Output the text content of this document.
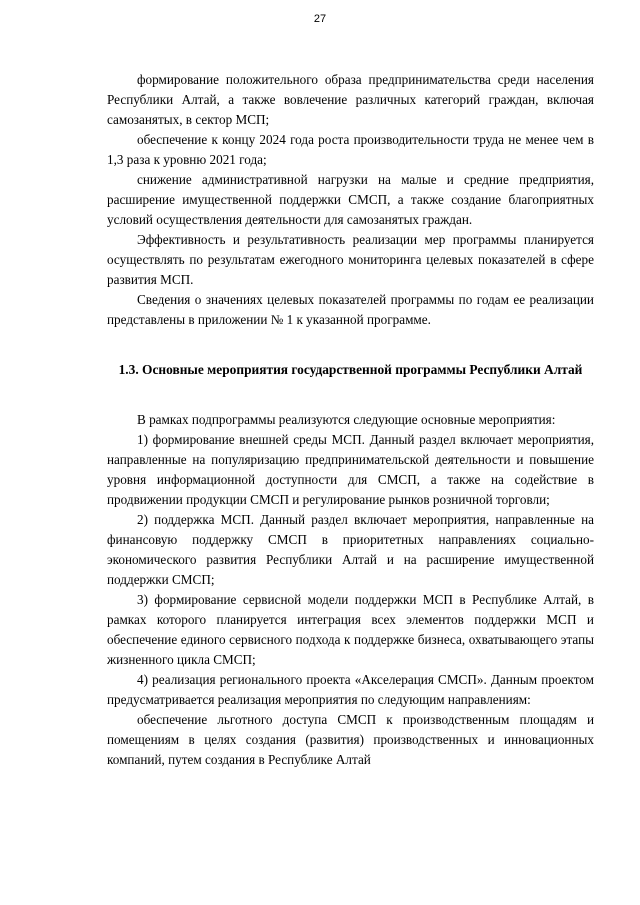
27

формирование положительного образа предпринимательства среди населения Республики Алтай, а также вовлечение различных категорий граждан, включая самозанятых, в сектор МСП;

обеспечение к концу 2024 года роста производительности труда не менее чем в 1,3 раза к уровню 2021 года;

снижение административной нагрузки на малые и средние предприятия, расширение имущественной поддержки СМСП, а также создание благоприятных условий осуществления деятельности для самозанятых граждан.

Эффективность и результативность реализации мер программы планируется осуществлять по результатам ежегодного мониторинга целевых показателей в сфере развития МСП.

Сведения о значениях целевых показателей программы по годам ее реализации представлены в приложении № 1 к указанной программе.

1.3. Основные мероприятия государственной программы Республики Алтай

В рамках подпрограммы реализуются следующие основные мероприятия:

1) формирование внешней среды МСП. Данный раздел включает мероприятия, направленные на популяризацию предпринимательской деятельности и повышение уровня информационной доступности для СМСП, а также на содействие в продвижении продукции СМСП и регулирование рынков розничной торговли;

2) поддержка МСП. Данный раздел включает мероприятия, направленные на финансовую поддержку СМСП в приоритетных направлениях социально-экономического развития Республики Алтай и на расширение имущественной поддержки СМСП;

3) формирование сервисной модели поддержки МСП в Республике Алтай, в рамках которого планируется интеграция всех элементов поддержки МСП и обеспечение единого сервисного подхода к поддержке бизнеса, охватывающего этапы жизненного цикла СМСП;

4) реализация регионального проекта «Акселерация СМСП». Данным проектом предусматривается реализация мероприятия по следующим направлениям:

обеспечение льготного доступа СМСП к производственным площадям и помещениям в целях создания (развития) производственных и инновационных компаний, путем создания в Республике Алтай
